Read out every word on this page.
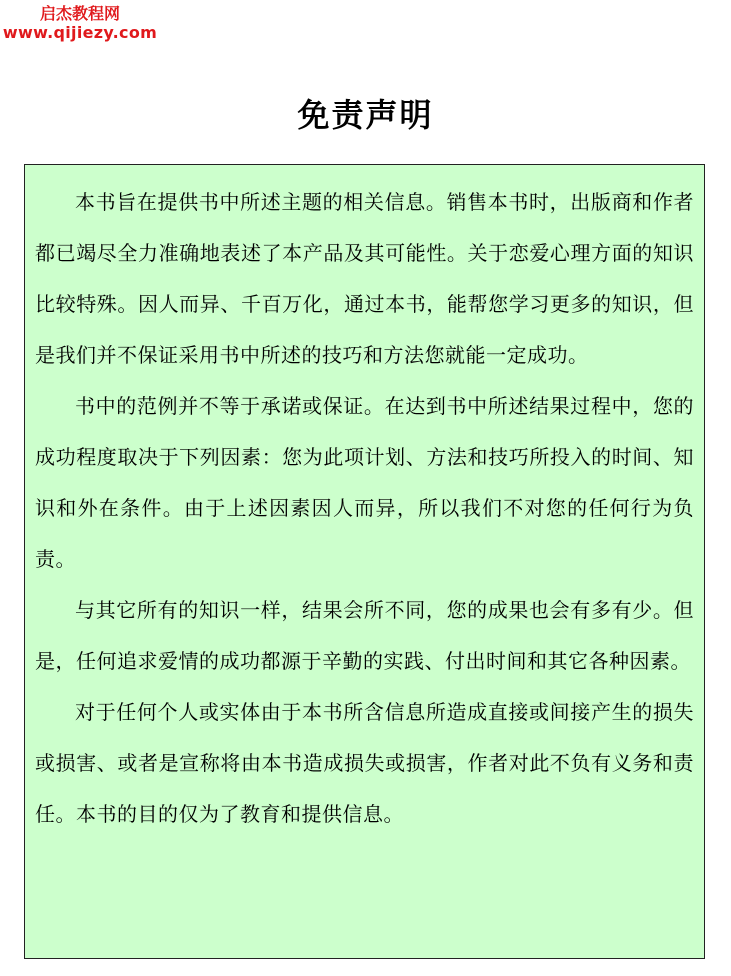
启杰教程网
www.qijiezy.com
免责声明

本书旨在提供书中所述主题的相关信息。销售本书时，出版商和作者都已竭尽全力准确地表述了本产品及其可能性。关于恋爱心理方面的知识比较特殊。因人而异、千百万化，通过本书，能帮您学习更多的知识，但是我们并不保证采用书中所述的技巧和方法您就能一定成功。

书中的范例并不等于承诺或保证。在达到书中所述结果过程中，您的成功程度取决于下列因素：您为此项计划、方法和技巧所投入的时间、知识和外在条件。由于上述因素因人而异，所以我们不对您的任何行为负责。

与其它所有的知识一样，结果会所不同，您的成果也会有多有少。但是，任何追求爱情的成功都源于辛勤的实践、付出时间和其它各种因素。

对于任何个人或实体由于本书所含信息所造成直接或间接产生的损失或损害、或者是宣称将由本书造成损失或损害，作者对此不负有义务和责任。本书的目的仅为了教育和提供信息。
